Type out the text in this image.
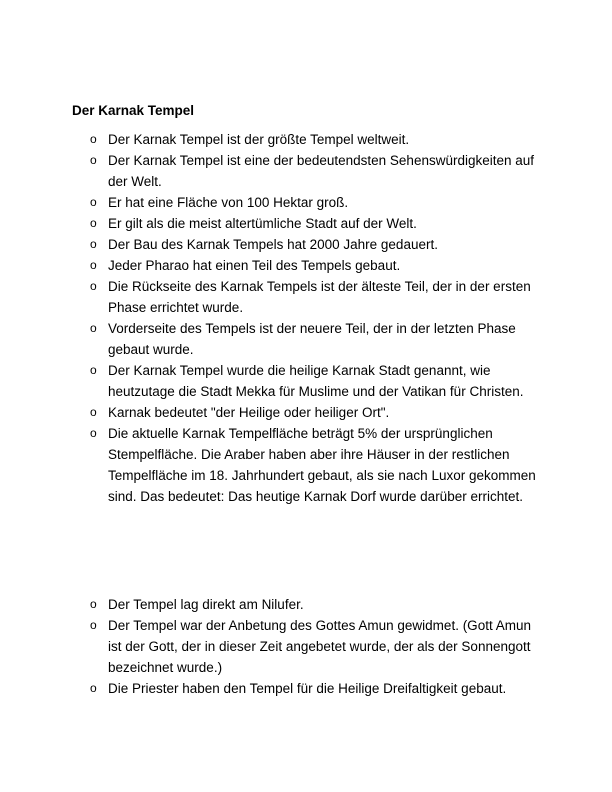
Der Karnak Tempel
o Der Karnak Tempel ist der größte Tempel weltweit.
o Der Karnak Tempel ist eine der bedeutendsten Sehenswürdigkeiten auf der Welt.
o Er hat eine Fläche von 100 Hektar groß.
o Er gilt als die meist altertümliche Stadt auf der Welt.
o Der Bau des Karnak Tempels hat 2000 Jahre gedauert.
o Jeder Pharao hat einen Teil des Tempels gebaut.
o Die Rückseite des Karnak Tempels ist der älteste Teil, der in der ersten Phase errichtet wurde.
o Vorderseite des Tempels ist der neuere Teil, der in der letzten Phase gebaut wurde.
o Der Karnak Tempel wurde die heilige Karnak Stadt genannt, wie heutzutage die Stadt Mekka für Muslime und der Vatikan für Christen.
o Karnak bedeutet "der Heilige oder heiliger Ort".
o Die aktuelle Karnak Tempelfläche beträgt 5% der ursprünglichen Stempelfläche. Die Araber haben aber ihre Häuser in der restlichen Tempelfläche im 18. Jahrhundert gebaut, als sie nach Luxor gekommen sind. Das bedeutet: Das heutige Karnak Dorf wurde darüber errichtet.
o Der Tempel lag direkt am Nilufer.
o Der Tempel war der Anbetung des Gottes Amun gewidmet. (Gott Amun ist der Gott, der in dieser Zeit angebetet wurde, der als der Sonnengott bezeichnet wurde.)
o Die Priester haben den Tempel für die Heilige Dreifaltigkeit gebaut.
